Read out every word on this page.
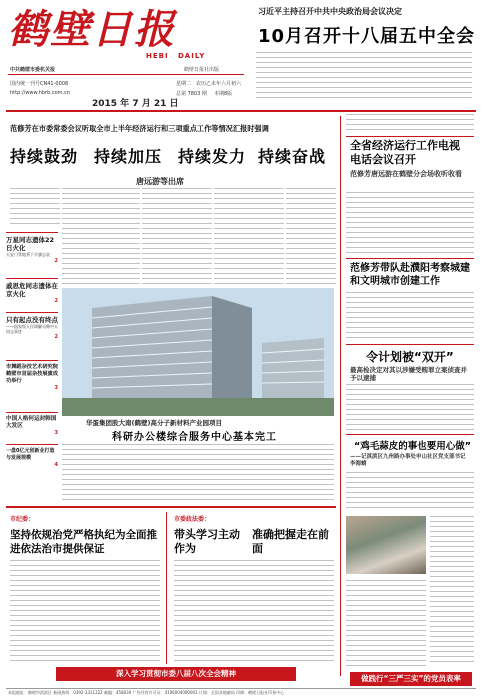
鹤壁日报
HEBI DAILY
中共鹤壁市委机关报	鹤壁日报社出版
国内统一刊号CN41-0008
http://www.hbrb.com.cn
2015 年 7 月 21 日
星期二 农历乙未年六月初六
总第 7803 期 本期8版
习近平主持召开中共中央政治局会议决定
10月召开十八届五中全会
范修芳在市委常委会议听取全市上半年经济运行和三项重点工作等情况汇报时强调
持续鼓劲 持续加压 持续发力 持续奋战
唐远游等出席
万星同志遗体22日火化
天安门等地将下半旗志哀
2
戚思危同志遗体在京火化
2
只有起点没有终点
——国家级人民调解员韩中天同志事迹
2
市舞蹈杂技艺术研究院鹤壁市首届杂技展演成功举行
3
中国人格何运封韩国大发区
3
一盘0亿元创新业打造与发展规模
4
华蛋集团股大南(鹤壁)高分子新材料产业园项目
科研办公楼综合服务中心基本完工
全省经济运行工作电视电话会议召开
范修芳唐远游在鹤壁分会场收听收看
范修芳带队赴濮阳考察城建和文明城市创建工作
令计划被“双开”
最高检决定对其以涉嫌受贿罪立案侦查并予以逮捕
“鸡毛蒜皮的事也要用心做”
——记淇滨区九州路办事处申山社区党支部书记李海蜻
做践行“三严三实”的党员表率
市纪委：
坚持依规治党严格执纪为全面推进依法治市提供保证
市委政法委：
带头学习主动作为
准确把握走在前面
深入学习贯彻市委八届八次全会精神
本报地址：鹤壁市淇滨区 新闻热线：0392-3311222 邮编：458030 广告经营许可证：4106004000001 订阅：全国各地邮局 印刷：鹤壁日报社印务中心
